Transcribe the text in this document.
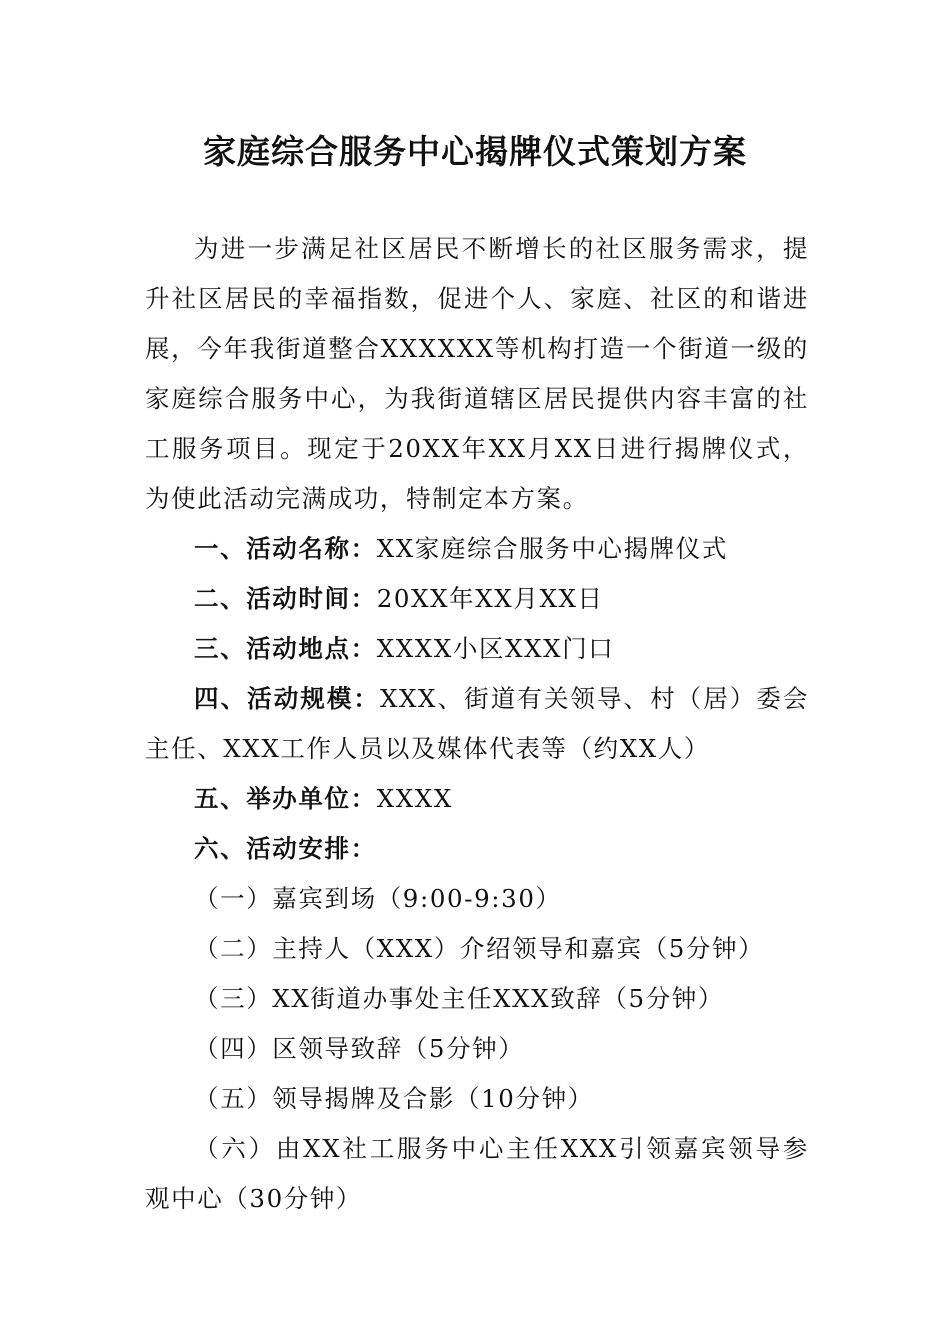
家庭综合服务中心揭牌仪式策划方案

为进一步满足社区居民不断增长的社区服务需求，提升社区居民的幸福指数，促进个人、家庭、社区的和谐进展，今年我街道整合XXXXXX等机构打造一个街道一级的家庭综合服务中心，为我街道辖区居民提供内容丰富的社工服务项目。现定于20XX年XX月XX日进行揭牌仪式，为使此活动完满成功，特制定本方案。

一、活动名称：XX家庭综合服务中心揭牌仪式

二、活动时间：20XX年XX月XX日

三、活动地点：XXXX小区XXX门口

四、活动规模：XXX、街道有关领导、村（居）委会主任、XXX工作人员以及媒体代表等（约XX人）

五、举办单位：XXXX

六、活动安排：

（一）嘉宾到场（9:00-9:30）

（二）主持人（XXX）介绍领导和嘉宾（5分钟）

（三）XX街道办事处主任XXX致辞（5分钟）

（四）区领导致辞（5分钟）

（五）领导揭牌及合影（10分钟）

（六）由XX社工服务中心主任XXX引领嘉宾领导参观中心（30分钟）
